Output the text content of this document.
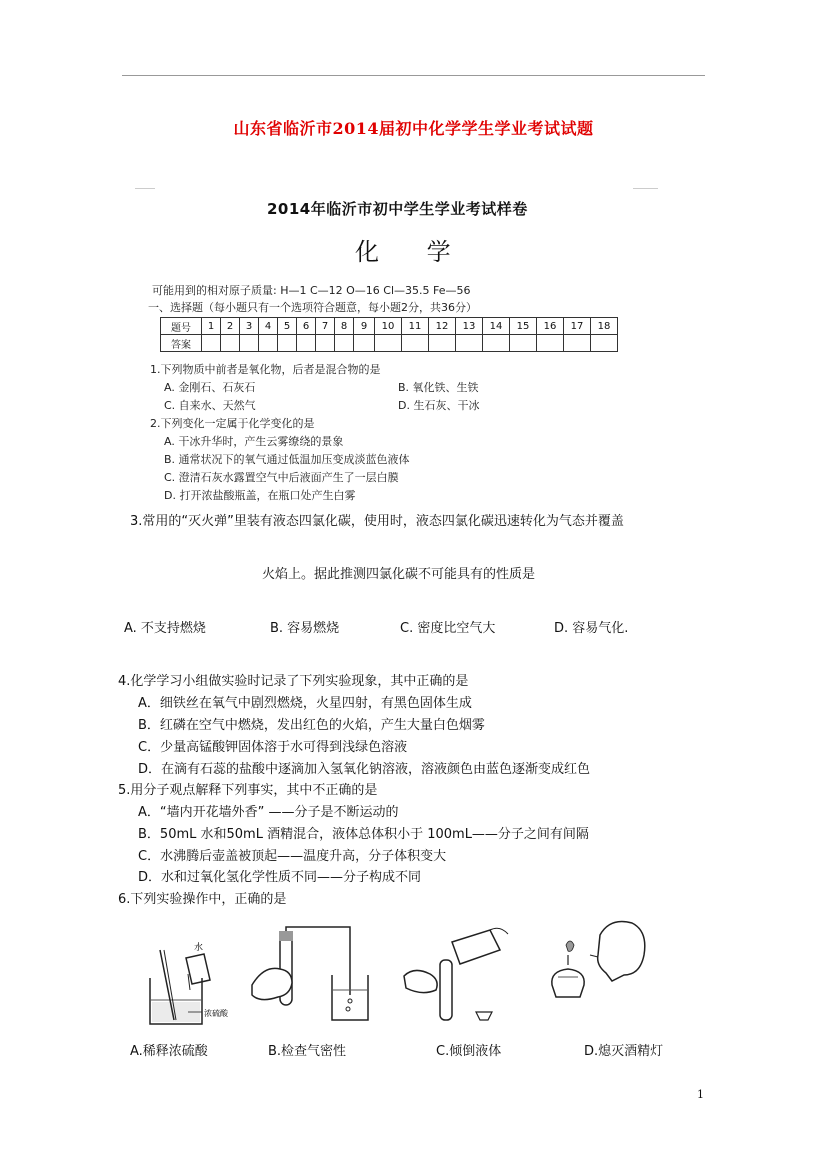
山东省临沂市2014届初中化学学生学业考试试题
2014年临沂市初中学生学业考试样卷
化 学
可能用到的相对原子质量: H—1 C—12 O—16 Cl—35.5 Fe—56
一、选择题（每小题只有一个选项符合题意，每小题2分，共36分）
题号	1	2	3	4	5	6	7	8	9	10	11	12	13	14	15	16	17	18
答案																		
1.下列物质中前者是氧化物，后者是混合物的是
A. 金刚石、石灰石	B. 氧化铁、生铁
C. 自来水、天然气	D. 生石灰、干冰
2.下列变化一定属于化学变化的是
A. 干冰升华时，产生云雾缭绕的景象
B. 通常状况下的氧气通过低温加压变成淡蓝色液体
C. 澄清石灰水露置空气中后液面产生了一层白膜
D. 打开浓盐酸瓶盖，在瓶口处产生白雾
3.常用的“灭火弹”里装有液态四氯化碳，使用时，液态四氯化碳迅速转化为气态并覆盖
火焰上。据此推测四氯化碳不可能具有的性质是
A. 不支持燃烧	B. 容易燃烧	C. 密度比空气大	D. 容易气化.
4.化学学习小组做实验时记录了下列实验现象，其中正确的是
A．细铁丝在氧气中剧烈燃烧，火星四射，有黑色固体生成
B．红磷在空气中燃烧，发出红色的火焰，产生大量白色烟雾
C．少量高锰酸钾固体溶于水可得到浅绿色溶液
D．在滴有石蕊的盐酸中逐滴加入氢氧化钠溶液，溶液颜色由蓝色逐渐变成红色
5.用分子观点解释下列事实，其中不正确的是
A．“墙内开花墙外香” ——分子是不断运动的
B．50mL 水和50mL 酒精混合，液体总体积小于 100mL——分子之间有间隔
C．水沸腾后壶盖被顶起——温度升高，分子体积变大
D．水和过氧化氢化学性质不同——分子构成不同
6.下列实验操作中，正确的是
水
浓硫酸
A.稀释浓硫酸	B.检查气密性	C.倾倒液体	D.熄灭酒精灯
1
